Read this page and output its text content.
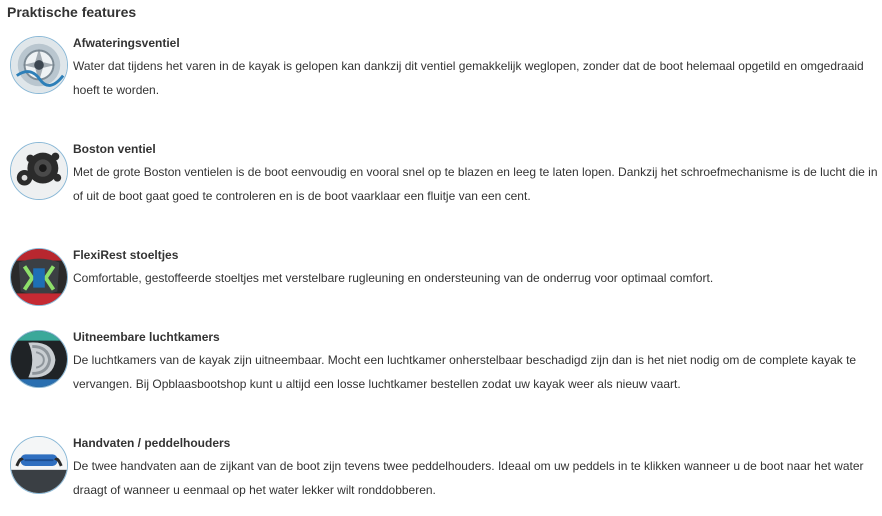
Praktische features
Afwateringsventiel

Water dat tijdens het varen in de kayak is gelopen kan dankzij dit ventiel gemakkelijk weglopen, zonder dat de boot helemaal opgetild en omgedraaid hoeft te worden.

Boston ventiel

Met de grote Boston ventielen is de boot eenvoudig en vooral snel op te blazen en leeg te laten lopen. Dankzij het schroefmechanisme is de lucht die in of uit de boot gaat goed te controleren en is de boot vaarklaar een fluitje van een cent.

FlexiRest stoeltjes

Comfortable, gestoffeerde stoeltjes met verstelbare rugleuning en ondersteuning van de onderrug voor optimaal comfort.

Uitneembare luchtkamers

De luchtkamers van de kayak zijn uitneembaar. Mocht een luchtkamer onherstelbaar beschadigd zijn dan is het niet nodig om de complete kayak te vervangen. Bij Opblaasbootshop kunt u altijd een losse luchtkamer bestellen zodat uw kayak weer als nieuw vaart.

Handvaten / peddelhouders

De twee handvaten aan de zijkant van de boot zijn tevens twee peddelhouders. Ideaal om uw peddels in te klikken wanneer u de boot naar het water draagt of wanneer u eenmaal op het water lekker wilt ronddobberen.
